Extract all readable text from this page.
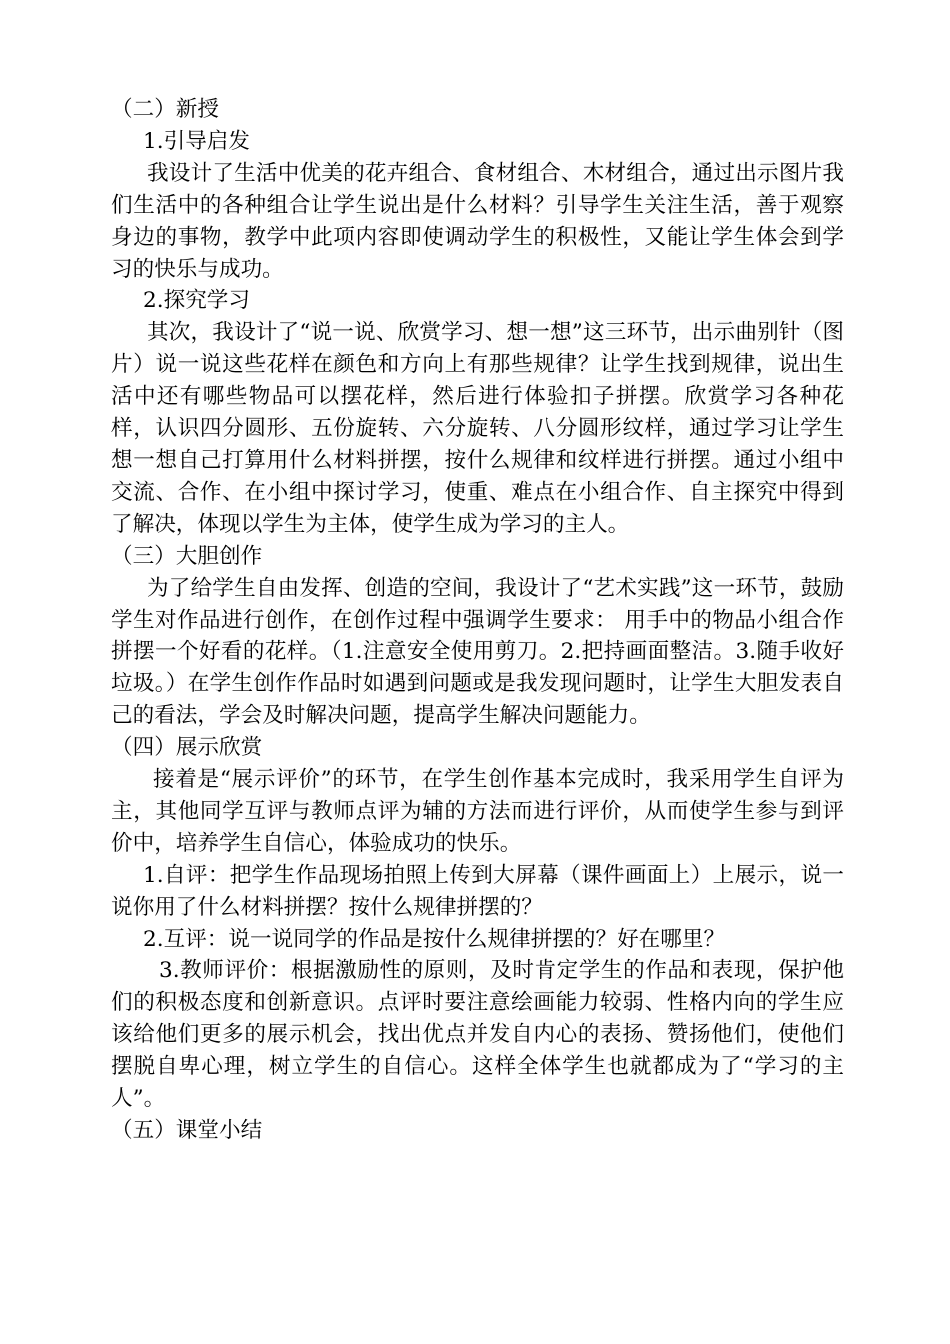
（二）新授

1.引导启发

我设计了生活中优美的花卉组合、食材组合、木材组合，通过出示图片我们生活中的各种组合让学生说出是什么材料？引导学生关注生活，善于观察身边的事物，教学中此项内容即使调动学生的积极性，又能让学生体会到学习的快乐与成功。

2.探究学习

其次，我设计了“说一说、欣赏学习、想一想”这三环节，出示曲别针（图片）说一说这些花样在颜色和方向上有那些规律？让学生找到规律，说出生活中还有哪些物品可以摆花样，然后进行体验扣子拼摆。欣赏学习各种花样，认识四分圆形、五份旋转、六分旋转、八分圆形纹样，通过学习让学生想一想自己打算用什么材料拼摆，按什么规律和纹样进行拼摆。通过小组中交流、合作、在小组中探讨学习，使重、难点在小组合作、自主探究中得到了解决，体现以学生为主体，使学生成为学习的主人。

（三）大胆创作

为了给学生自由发挥、创造的空间，我设计了“艺术实践”这一环节，鼓励学生对作品进行创作，在创作过程中强调学生要求： 用手中的物品小组合作拼摆一个好看的花样。（1.注意安全使用剪刀。2.把持画面整洁。3.随手收好垃圾。）在学生创作作品时如遇到问题或是我发现问题时，让学生大胆发表自己的看法，学会及时解决问题，提高学生解决问题能力。

（四）展示欣赏

接着是“展示评价”的环节，在学生创作基本完成时，我采用学生自评为主，其他同学互评与教师点评为辅的方法而进行评价，从而使学生参与到评价中，培养学生自信心，体验成功的快乐。

1.自评：把学生作品现场拍照上传到大屏幕（课件画面上）上展示，说一说你用了什么材料拼摆？按什么规律拼摆的？

2.互评：说一说同学的作品是按什么规律拼摆的？好在哪里？

3.教师评价：根据激励性的原则，及时肯定学生的作品和表现，保护他们的积极态度和创新意识。点评时要注意绘画能力较弱、性格内向的学生应该给他们更多的展示机会，找出优点并发自内心的表扬、赞扬他们，使他们摆脱自卑心理，树立学生的自信心。这样全体学生也就都成为了“学习的主人”。

（五）课堂小结
